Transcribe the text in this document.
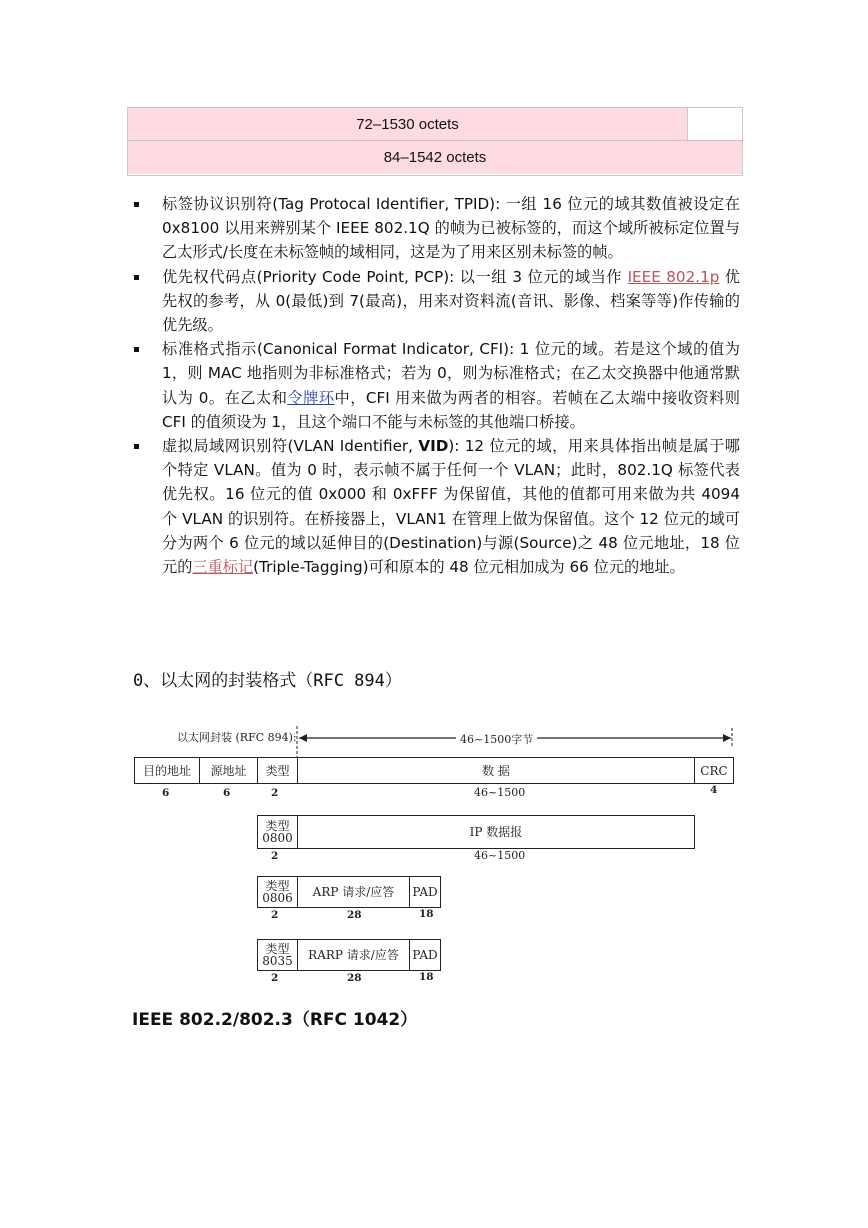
72–1530 octets
84–1542 octets
标签协议识别符(Tag Protocal Identifier, TPID): 一组 16 位元的域其数值被设定在 0x8100 以用来辨别某个 IEEE 802.1Q 的帧为已被标签的，而这个域所被标定位置与乙太形式/长度在未标签帧的域相同，这是为了用来区别未标签的帧。
优先权代码点(Priority Code Point, PCP): 以一组 3 位元的域当作 IEEE 802.1p 优先权的参考，从 0(最低)到 7(最高)，用来对资料流(音讯、影像、档案等等)作传输的优先级。
标准格式指示(Canonical Format Indicator, CFI): 1 位元的域。若是这个域的值为 1，则 MAC 地指则为非标准格式；若为 0，则为标准格式；在乙太交换器中他通常默认为 0。在乙太和令牌环中，CFI 用来做为两者的相容。若帧在乙太端中接收资料则 CFI 的值须设为 1，且这个端口不能与未标签的其他端口桥接。
虚拟局域网识别符(VLAN Identifier, VID): 12 位元的域，用来具体指出帧是属于哪个特定 VLAN。值为 0 时，表示帧不属于任何一个 VLAN；此时，802.1Q 标签代表优先权。16 位元的值 0x000 和 0xFFF 为保留值，其他的值都可用来做为共 4094 个 VLAN 的识别符。在桥接器上，VLAN1 在管理上做为保留值。这个 12 位元的域可分为两个 6 位元的域以延伸目的(Destination)与源(Source)之 48 位元地址，18 位元的三重标记(Triple-Tagging)可和原本的 48 位元相加成为 66 位元的地址。
0、以太网的封装格式（RFC 894）
以太网封装 (RFC 894):	46~1500字节
目的地址	源地址	类型	数 据	CRC
6	6	2	46~1500	4
类型
0800	IP 数据报
2	46~1500
类型
0806	ARP 请求/应答	PAD
2	28	18
类型
8035	RARP 请求/应答	PAD
2	28	18
IEEE 802.2/802.3（RFC 1042）
